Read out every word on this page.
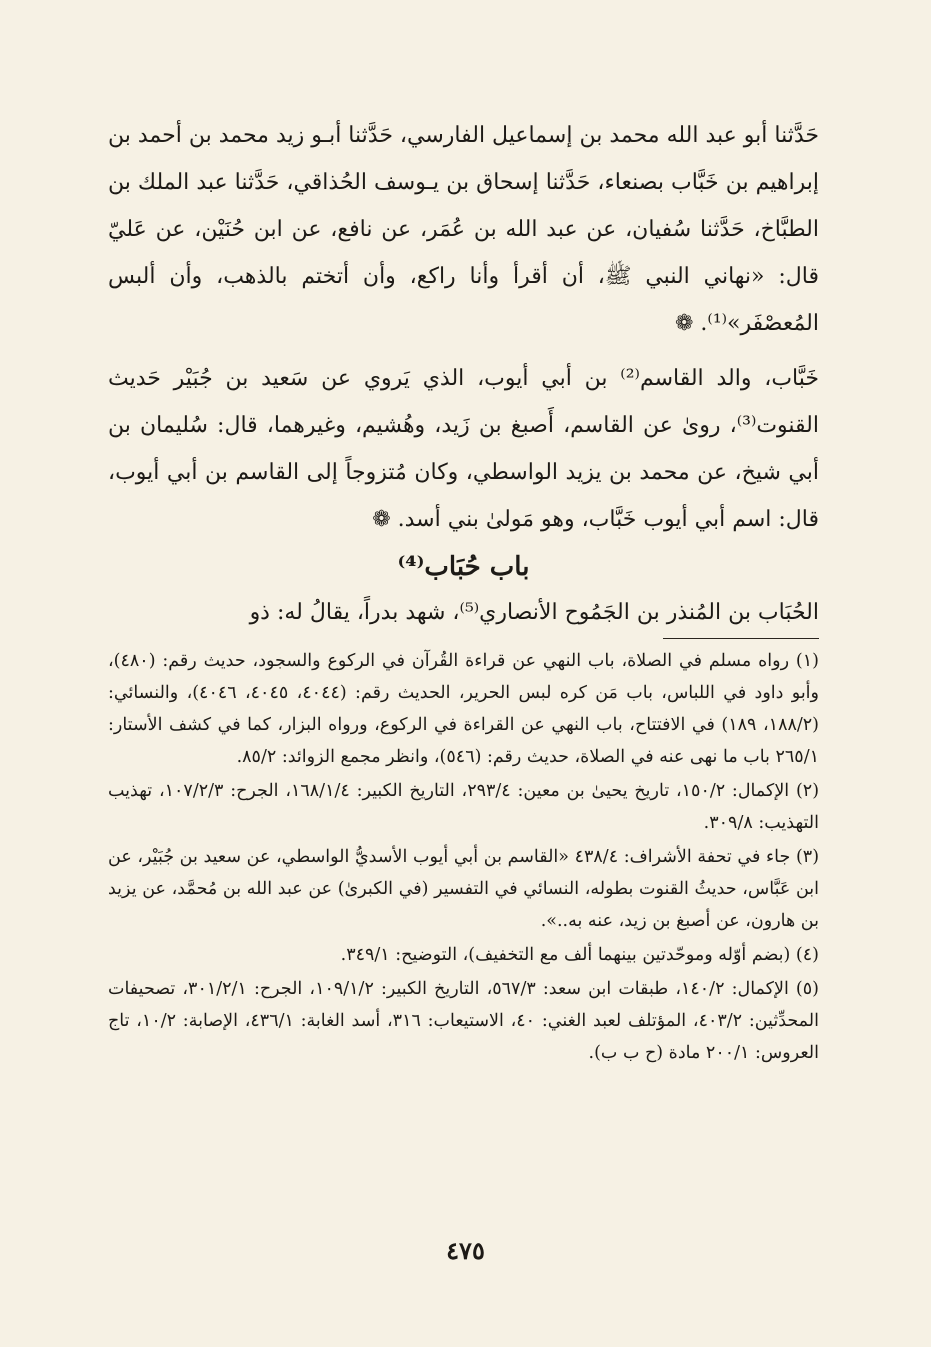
حَدَّثنا أبو عبد الله محمد بن إسماعيل الفارسي، حَدَّثنا أبـو زيد محمد بن أحمد بن إبراهيم بن خَبَّاب بصنعاء، حَدَّثنا إسحاق بن يـوسف الحُذاقي، حَدَّثنا عبد الملك بن الطبَّاخ، حَدَّثنا سُفيان، عن عبد الله بن عُمَر، عن نافع، عن ابن حُنَيْن، عن عَليّ قال: «نهاني النبي ﷺ، أن أقرأ وأنا راكع، وأن أتختم بالذهب، وأن ألبس المُعصْفَر»⁽¹⁾. ❁

خَبَّاب، والد القاسم⁽²⁾ بن أبي أيوب، الذي يَروي عن سَعيد بن جُبَيْر حَديث القنوت⁽³⁾، روىٰ عن القاسم، أَصبغ بن زَيد، وهُشيم، وغيرهما، قال: سُليمان بن أبي شيخ، عن محمد بن يزيد الواسطي، وكان مُتزوجاً إلى القاسم بن أبي أيوب، قال: اسم أبي أيوب خَبَّاب، وهو مَولىٰ بني أسد. ❁

باب حُبَاب⁽⁴⁾

الحُبَاب بن المُنذر بن الجَمُوح الأنصاري⁽⁵⁾، شهد بدراً، يقالُ له: ذو

(١) رواه مسلم في الصلاة، باب النهي عن قراءة القُرآن في الركوع والسجود، حديث رقم: (٤٨٠)، وأبو داود في اللباس، باب مَن كره لبس الحرير، الحديث رقم: (٤٠٤٤، ٤٠٤٥، ٤٠٤٦)، والنسائي: (١٨٨/٢، ١٨٩) في الافتتاح، باب النهي عن القراءة في الركوع، ورواه البزار، كما في كشف الأستار: ٢٦٥/١ باب ما نهى عنه في الصلاة، حديث رقم: (٥٤٦)، وانظر مجمع الزوائد: ٨٥/٢.
(٢) الإكمال: ١٥٠/٢، تاريخ يحيىٰ بن معين: ٢٩٣/٤، التاريخ الكبير: ١٦٨/١/٤، الجرح: ١٠٧/٢/٣، تهذيب التهذيب: ٣٠٩/٨.
(٣) جاء في تحفة الأشراف: ٤٣٨/٤ «القاسم بن أبي أيوب الأسديُّ الواسطي، عن سعيد بن جُبَيْر، عن ابن عَبَّاس، حديثُ القنوت بطوله، النسائي في التفسير (في الكبرىٰ) عن عبد الله بن مُحمَّد، عن يزيد بن هارون، عن أصبغ بن زيد، عنه به..».
(٤) (بضم أوّله وموحّدتين بينهما ألف مع التخفيف)، التوضيح: ٣٤٩/١.
(٥) الإكمال: ١٤٠/٢، طبقات ابن سعد: ٥٦٧/٣، التاريخ الكبير: ١٠٩/١/٢، الجرح: ٣٠١/٢/١، تصحيفات المحدِّثين: ٤٠٣/٢، المؤتلف لعبد الغني: ٤٠، الاستيعاب: ٣١٦، أسد الغابة: ٤٣٦/١، الإصابة: ١٠/٢، تاج العروس: ٢٠٠/١ مادة (ح ب ب).
٤٧٥
